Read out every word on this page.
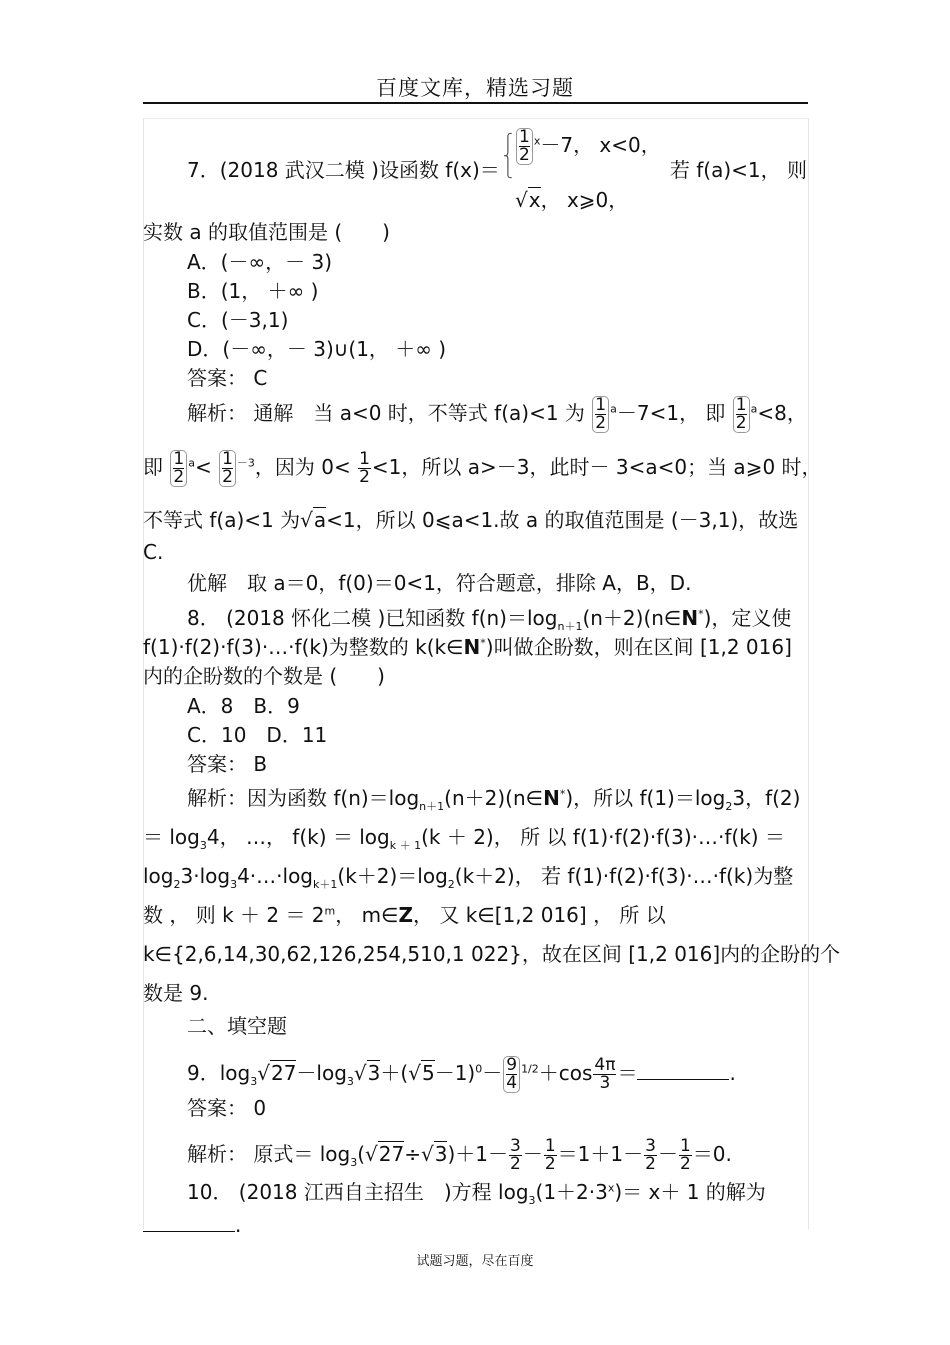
百度文库，精选习题
7．(2018 武汉二模 )设函数 f(x)＝
⎧
⎨
⎩
$\frac{1}{2} ^x-7$， x<0，
√x， x⩾0，
若 f(a)<1， 则
实数 a 的取值范围是 (　　)
A．(－∞，－ 3)
B．(1， ＋∞ )
C．(－3,1)
D．(－∞，－ 3)∪(1， ＋∞ )
答案： C
解析： 通解　当 a<0 时，不等式 f(a)<1 为 $\frac{1}{2} ^a-7<1$， 即 $\frac{1}{2} ^a<8$，
即 $\frac{1}{2} ^a< \frac{1}{2} ^{-3}$，因为 $0< \frac{1}{2} <1$，所以 a>－3，此时－ 3<a<0；当 a⩾0 时，
不等式 f(a)<1 为√a<1，所以 0⩽a<1.故 a 的取值范围是 (－3,1)，故选
C.
优解　取 a＝0，f(0)＝0<1，符合题意，排除 A，B，D.
8． (2018 怀化二模 )已知函数 $f(n)=\log_{n+1}(n+2)(n\in N^*)$，定义使
f(1)·f(2)·f(3)·…·f(k)为整数的 k(k∈N*)叫做企盼数，则在区间 [1,2 016]
内的企盼数的个数是 (　　)
A．8　B．9
C．10　D．11
答案： B
解析：因为函数 $f(n)=\log_{n+1}(n+2)(n\in N^*)$，所以 $f(1)=\log_23$，f(2)
＝ $\log_34$， …， $f(k) = \log_{k + 1}(k + 2)$， 所 以 f(1)·f(2)·f(3)·…·f(k) ＝
$\log_23\cdot\log_34\cdot\dots\cdot\log_{k+1}(k+2)=\log_2(k+2)$， 若 f(1)·f(2)·f(3)·…·f(k)为整
数 ， 则 $k + 2 = 2^m$， m∈Z， 又 k∈[1,2 016] ， 所 以
k∈{2,6,14,30,62,126,254,510,1 022}，故在区间 [1,2 016]内的企盼的个
数是 9.
二、填空题
9．$\log_3√27-\log_3√3+(√5-1)^0- \frac{9}{4} ^{1/2}+\cos \frac{4\pi}{3}$ ＝	.
答案： 0
解析： 原式＝ $\log_3(√27\div√3)+1- \frac{3}{2} - \frac{1}{2} =1+1- \frac{3}{2} - \frac{1}{2} =0$.
10． (2018 江西自主招生　)方程 $\log_3(1+2\cdot 3^x)= x+ 1$ 的解为
.
试题习题，尽在百度
